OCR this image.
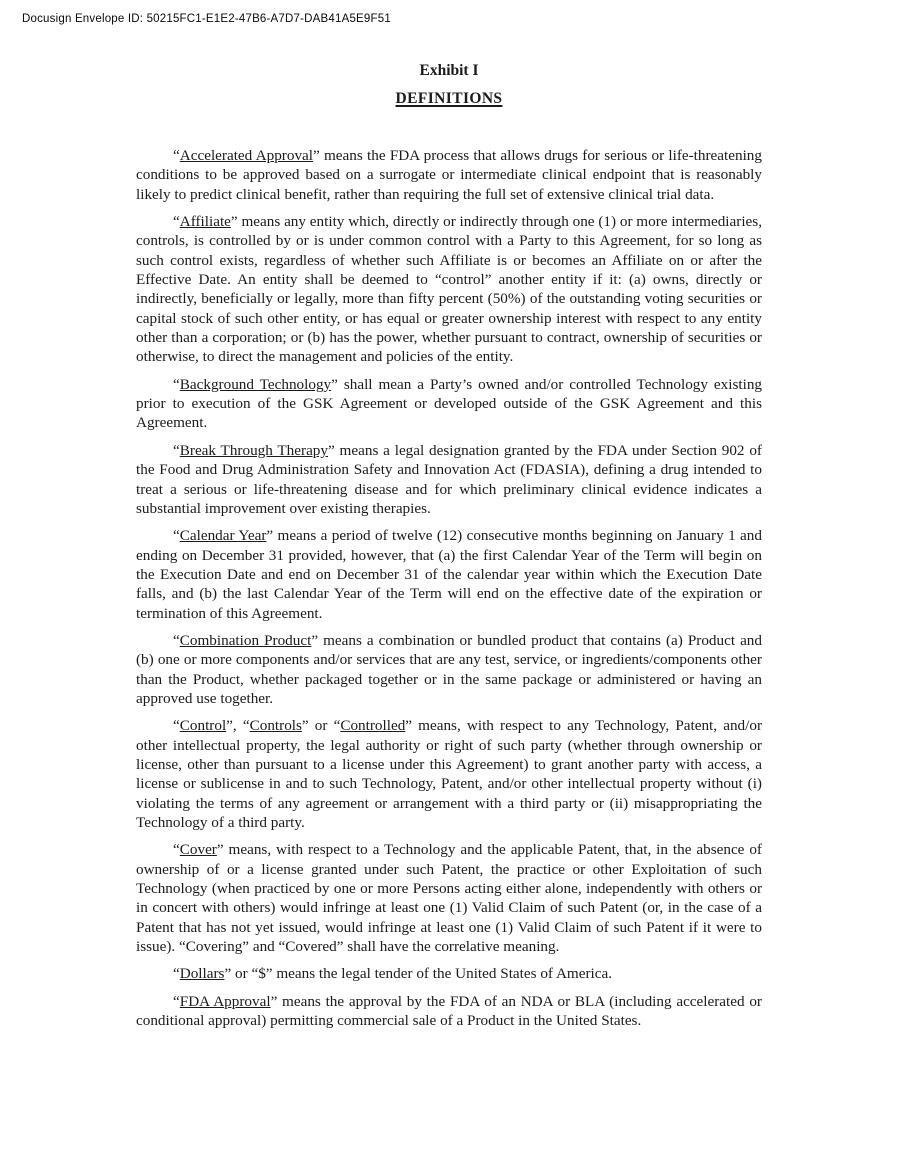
Docusign Envelope ID: 50215FC1-E1E2-47B6-A7D7-DAB41A5E9F51
Exhibit I
DEFINITIONS

“Accelerated Approval” means the FDA process that allows drugs for serious or life-threatening conditions to be approved based on a surrogate or intermediate clinical endpoint that is reasonably likely to predict clinical benefit, rather than requiring the full set of extensive clinical trial data.

“Affiliate” means any entity which, directly or indirectly through one (1) or more intermediaries, controls, is controlled by or is under common control with a Party to this Agreement, for so long as such control exists, regardless of whether such Affiliate is or becomes an Affiliate on or after the Effective Date. An entity shall be deemed to “control” another entity if it: (a) owns, directly or indirectly, beneficially or legally, more than fifty percent (50%) of the outstanding voting securities or capital stock of such other entity, or has equal or greater ownership interest with respect to any entity other than a corporation; or (b) has the power, whether pursuant to contract, ownership of securities or otherwise, to direct the management and policies of the entity.

“Background Technology” shall mean a Party’s owned and/or controlled Technology existing prior to execution of the GSK Agreement or developed outside of the GSK Agreement and this Agreement.

“Break Through Therapy” means a legal designation granted by the FDA under Section 902 of the Food and Drug Administration Safety and Innovation Act (FDASIA), defining a drug intended to treat a serious or life-threatening disease and for which preliminary clinical evidence indicates a substantial improvement over existing therapies.

“Calendar Year” means a period of twelve (12) consecutive months beginning on January 1 and ending on December 31 provided, however, that (a) the first Calendar Year of the Term will begin on the Execution Date and end on December 31 of the calendar year within which the Execution Date falls, and (b) the last Calendar Year of the Term will end on the effective date of the expiration or termination of this Agreement.

“Combination Product” means a combination or bundled product that contains (a) Product and (b) one or more components and/or services that are any test, service, or ingredients/components other than the Product, whether packaged together or in the same package or administered or having an approved use together.

“Control”, “Controls” or “Controlled” means, with respect to any Technology, Patent, and/or other intellectual property, the legal authority or right of such party (whether through ownership or license, other than pursuant to a license under this Agreement) to grant another party with access, a license or sublicense in and to such Technology, Patent, and/or other intellectual property without (i) violating the terms of any agreement or arrangement with a third party or (ii) misappropriating the Technology of a third party.

“Cover” means, with respect to a Technology and the applicable Patent, that, in the absence of ownership of or a license granted under such Patent, the practice or other Exploitation of such Technology (when practiced by one or more Persons acting either alone, independently with others or in concert with others) would infringe at least one (1) Valid Claim of such Patent (or, in the case of a Patent that has not yet issued, would infringe at least one (1) Valid Claim of such Patent if it were to issue). “Covering” and “Covered” shall have the correlative meaning.

“Dollars” or “$” means the legal tender of the United States of America.

“FDA Approval” means the approval by the FDA of an NDA or BLA (including accelerated or conditional approval) permitting commercial sale of a Product in the United States.
